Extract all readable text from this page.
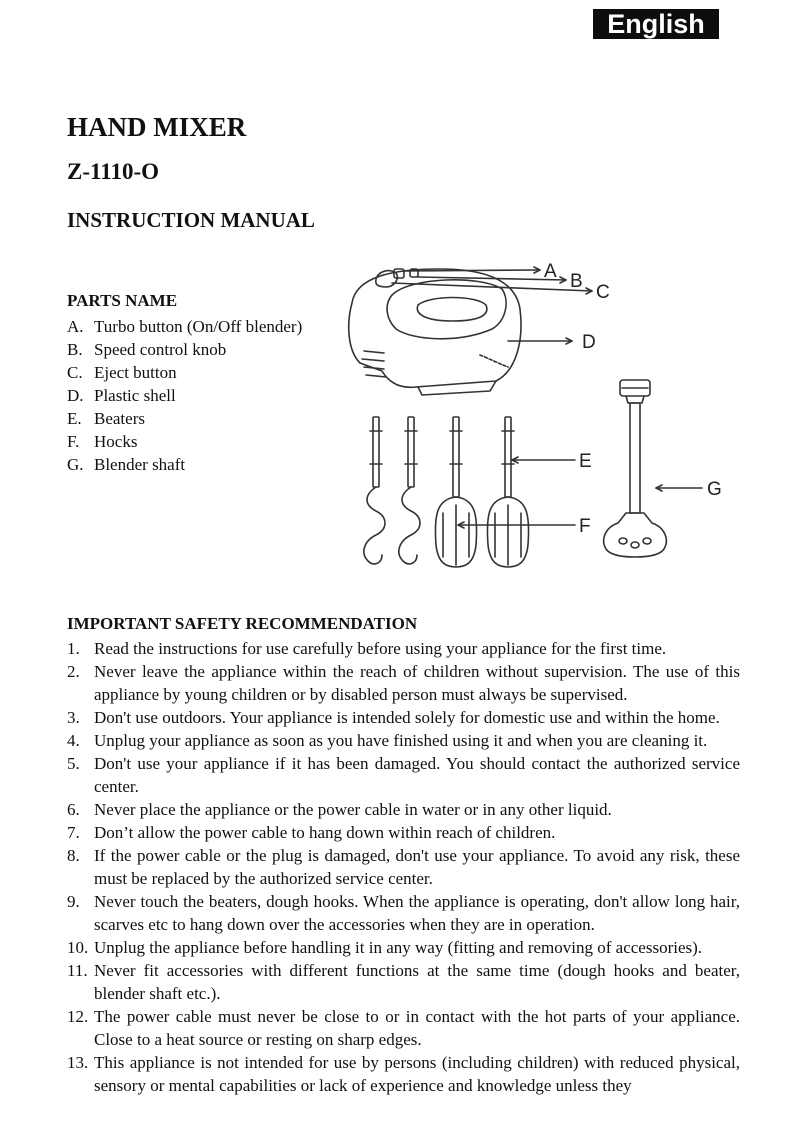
English
HAND MIXER
Z-1110-O
INSTRUCTION MANUAL
PARTS NAME
A. Turbo button (On/Off blender)
B. Speed control knob
C. Eject button
D. Plastic shell
E. Beaters
F. Hocks
G. Blender shaft
A B
C
D
E
F
G
IMPORTANT SAFETY RECOMMENDATION
1. Read the instructions for use carefully before using your appliance for the first time.
2. Never leave the appliance within the reach of children without supervision. The use of this appliance by young children or by disabled person must always be supervised.
3. Don't use outdoors. Your appliance is intended solely for domestic use and within the home.
4. Unplug your appliance as soon as you have finished using it and when you are cleaning it.
5. Don't use your appliance if it has been damaged. You should contact the authorized service center.
6. Never place the appliance or the power cable in water or in any other liquid.
7. Don’t allow the power cable to hang down within reach of children.
8. If the power cable or the plug is damaged, don't use your appliance. To avoid any risk, these must be replaced by the authorized service center.
9. Never touch the beaters, dough hooks. When the appliance is operating, don't allow long hair, scarves etc to hang down over the accessories when they are in operation.
10. Unplug the appliance before handling it in any way (fitting and removing of accessories).
11. Never fit accessories with different functions at the same time (dough hooks and beater, blender shaft etc.).
12. The power cable must never be close to or in contact with the hot parts of your appliance. Close to a heat source or resting on sharp edges.
13. This appliance is not intended for use by persons (including children) with reduced physical, sensory or mental capabilities or lack of experience and knowledge unless they
